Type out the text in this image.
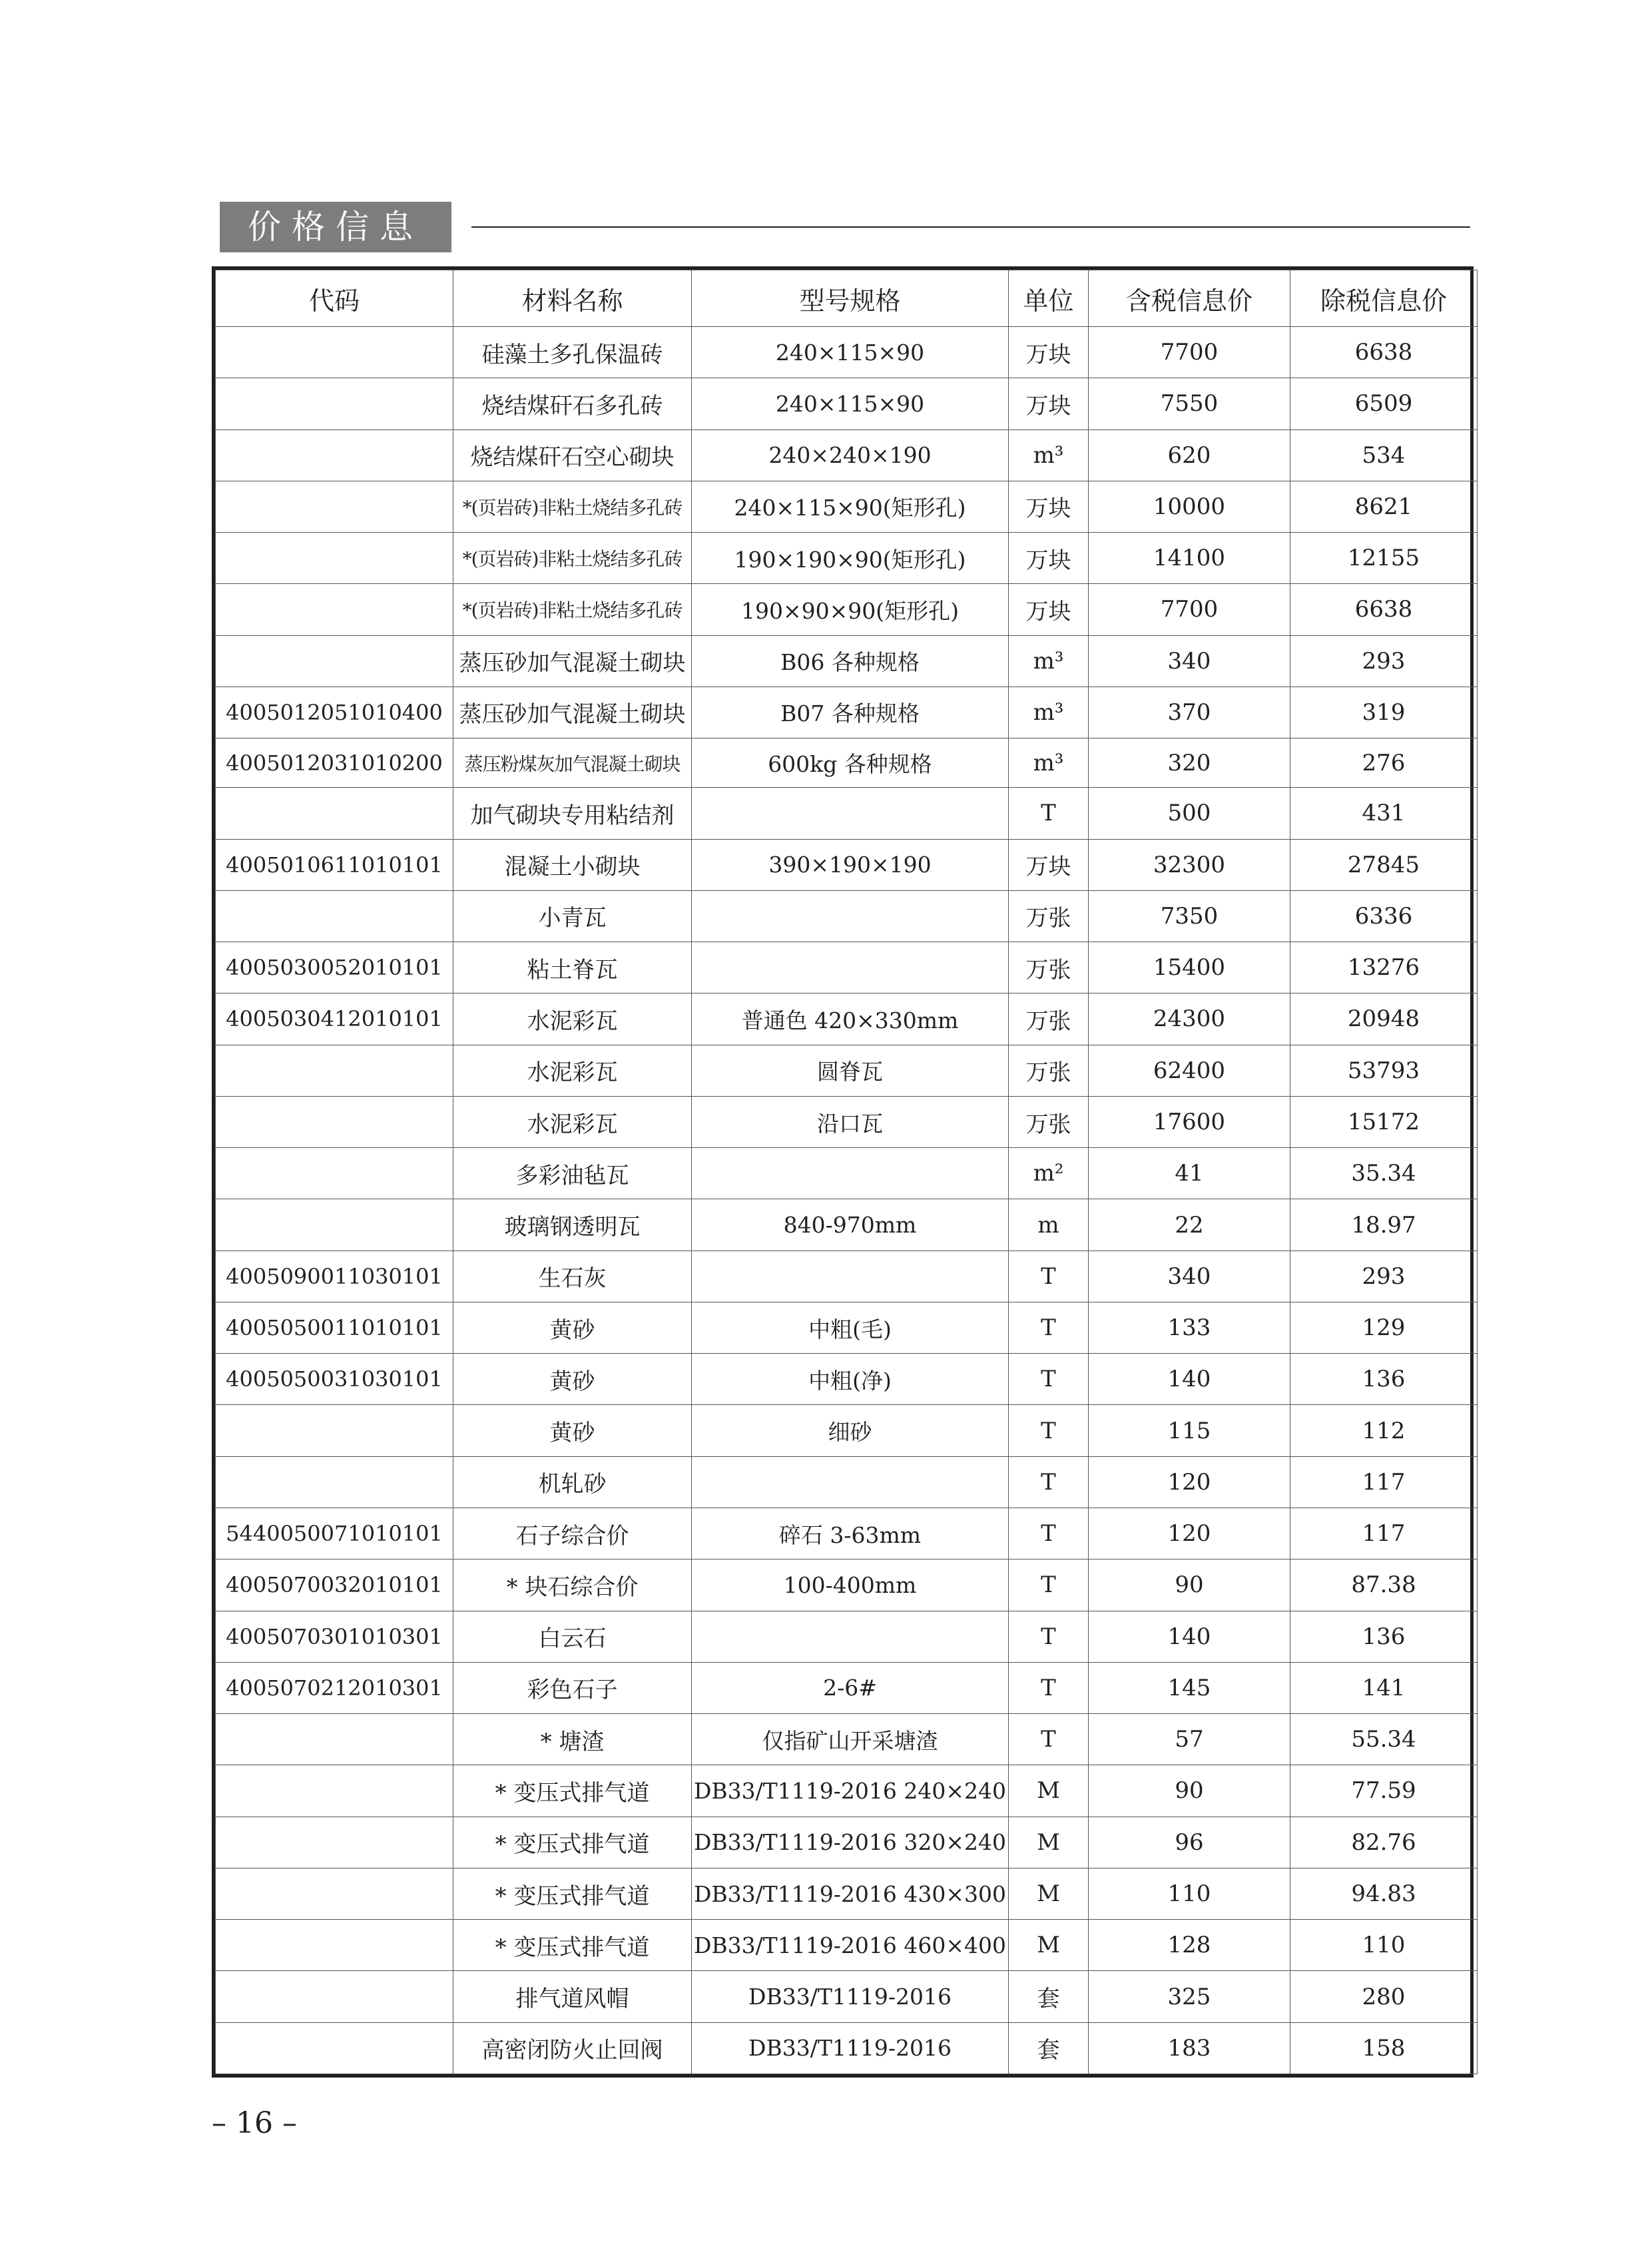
价格信息
代码	材料名称	型号规格	单位	含税信息价	除税信息价
	硅藻土多孔保温砖	240×115×90	万块	7700	6638
	烧结煤矸石多孔砖	240×115×90	万块	7550	6509
	烧结煤矸石空心砌块	240×240×190	m³	620	534
	*(页岩砖)非粘土烧结多孔砖	240×115×90(矩形孔)	万块	10000	8621
	*(页岩砖)非粘土烧结多孔砖	190×190×90(矩形孔)	万块	14100	12155
	*(页岩砖)非粘土烧结多孔砖	190×90×90(矩形孔)	万块	7700	6638
	蒸压砂加气混凝土砌块	B06 各种规格	m³	340	293
4005012051010400	蒸压砂加气混凝土砌块	B07 各种规格	m³	370	319
4005012031010200	蒸压粉煤灰加气混凝土砌块	600kg 各种规格	m³	320	276
	加气砌块专用粘结剂		T	500	431
4005010611010101	混凝土小砌块	390×190×190	万块	32300	27845
	小青瓦		万张	7350	6336
4005030052010101	粘土脊瓦		万张	15400	13276
4005030412010101	水泥彩瓦	普通色 420×330mm	万张	24300	20948
	水泥彩瓦	圆脊瓦	万张	62400	53793
	水泥彩瓦	沿口瓦	万张	17600	15172
	多彩油毡瓦		m²	41	35.34
	玻璃钢透明瓦	840-970mm	m	22	18.97
4005090011030101	生石灰		T	340	293
4005050011010101	黄砂	中粗(毛)	T	133	129
4005050031030101	黄砂	中粗(净)	T	140	136
	黄砂	细砂	T	115	112
	机轧砂		T	120	117
5440050071010101	石子综合价	碎石 3-63mm	T	120	117
4005070032010101	* 块石综合价	100-400mm	T	90	87.38
4005070301010301	白云石		T	140	136
4005070212010301	彩色石子	2-6#	T	145	141
	* 塘渣	仅指矿山开采塘渣	T	57	55.34
	* 变压式排气道	DB33/T1119-2016 240×240	M	90	77.59
	* 变压式排气道	DB33/T1119-2016 320×240	M	96	82.76
	* 变压式排气道	DB33/T1119-2016 430×300	M	110	94.83
	* 变压式排气道	DB33/T1119-2016 460×400	M	128	110
	排气道风帽	DB33/T1119-2016	套	325	280
	高密闭防火止回阀	DB33/T1119-2016	套	183	158
– 16 –
